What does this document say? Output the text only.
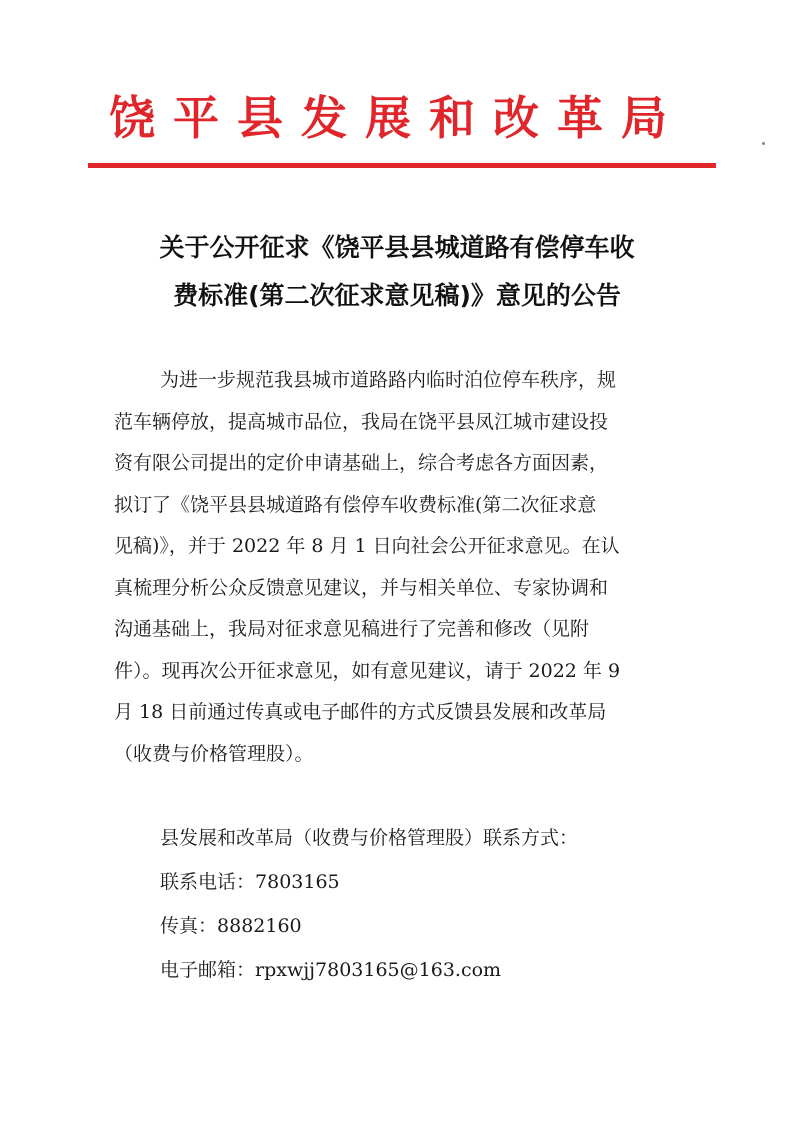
饶平县发展和改革局
关于公开征求《饶平县县城道路有偿停车收
费标准(第二次征求意见稿)》意见的公告
为进一步规范我县城市道路路内临时泊位停车秩序，规
范车辆停放，提高城市品位，我局在饶平县凤江城市建设投
资有限公司提出的定价申请基础上，综合考虑各方面因素，
拟订了《饶平县县城道路有偿停车收费标准(第二次征求意
见稿)》，并于 2022 年 8 月 1 日向社会公开征求意见。在认
真梳理分析公众反馈意见建议，并与相关单位、专家协调和
沟通基础上，我局对征求意见稿进行了完善和修改（见附
件）。现再次公开征求意见，如有意见建议，请于 2022 年 9
月 18 日前通过传真或电子邮件的方式反馈县发展和改革局
（收费与价格管理股）。
县发展和改革局（收费与价格管理股）联系方式：
联系电话：7803165
传真：8882160
电子邮箱：rpxwjj7803165@163.com
